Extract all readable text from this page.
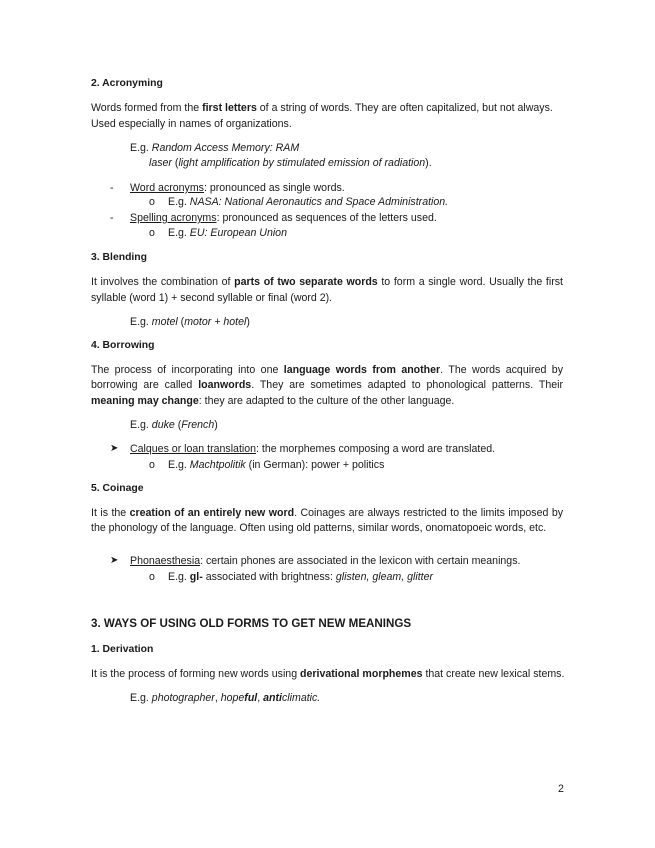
2. Acronyming
Words formed from the first letters of a string of words. They are often capitalized, but not always.
Used especially in names of organizations.
E.g. Random Access Memory: RAM
laser (light amplification by stimulated emission of radiation).
- Word acronyms: pronounced as single words.
o E.g. NASA: National Aeronautics and Space Administration.
- Spelling acronyms: pronounced as sequences of the letters used.
o E.g. EU: European Union
3. Blending
It involves the combination of parts of two separate words to form a single word. Usually the first
syllable (word 1) + second syllable or final (word 2).
E.g. motel (motor + hotel)
4. Borrowing
The process of incorporating into one language words from another. The words acquired by
borrowing are called loanwords. They are sometimes adapted to phonological patterns. Their
meaning may change: they are adapted to the culture of the other language.
E.g. duke (French)
➤ Calques or loan translation: the morphemes composing a word are translated.
o E.g. Machtpolitik (in German): power + politics
5. Coinage
It is the creation of an entirely new word. Coinages are always restricted to the limits imposed by
the phonology of the language. Often using old patterns, similar words, onomatopoeic words, etc.
➤ Phonaesthesia: certain phones are associated in the lexicon with certain meanings.
o E.g. gl- associated with brightness: glisten, gleam, glitter
3. WAYS OF USING OLD FORMS TO GET NEW MEANINGS
1. Derivation
It is the process of forming new words using derivational morphemes that create new lexical stems.
E.g. photographer, hopeful, anticlimatic.
2
